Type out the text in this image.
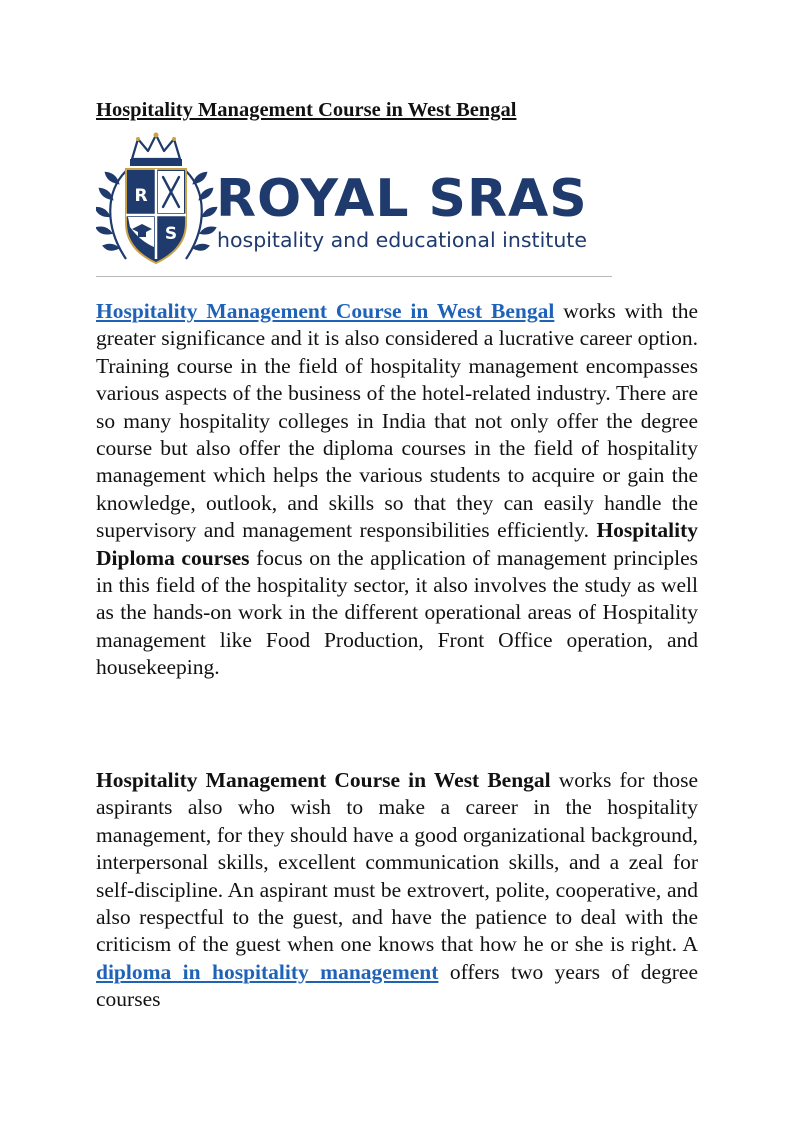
Hospitality Management Course in West Bengal
R
S
ROYAL SRAS
hospitality and educational institute

Hospitality Management Course in West Bengal works with the greater significance and it is also considered a lucrative career option. Training course in the field of hospitality management encompasses various aspects of the business of the hotel-related industry. There are so many hospitality colleges in India that not only offer the degree course but also offer the diploma courses in the field of hospitality management which helps the various students to acquire or gain the knowledge, outlook, and skills so that they can easily handle the supervisory and management responsibilities efficiently. Hospitality Diploma courses focus on the application of management principles in this field of the hospitality sector, it also involves the study as well as the hands-on work in the different operational areas of Hospitality management like Food Production, Front Office operation, and housekeeping.

Hospitality Management Course in West Bengal works for those aspirants also who wish to make a career in the hospitality management, for they should have a good organizational background, interpersonal skills, excellent communication skills, and a zeal for self-discipline. An aspirant must be extrovert, polite, cooperative, and also respectful to the guest, and have the patience to deal with the criticism of the guest when one knows that how he or she is right. A diploma in hospitality management offers two years of degree courses
